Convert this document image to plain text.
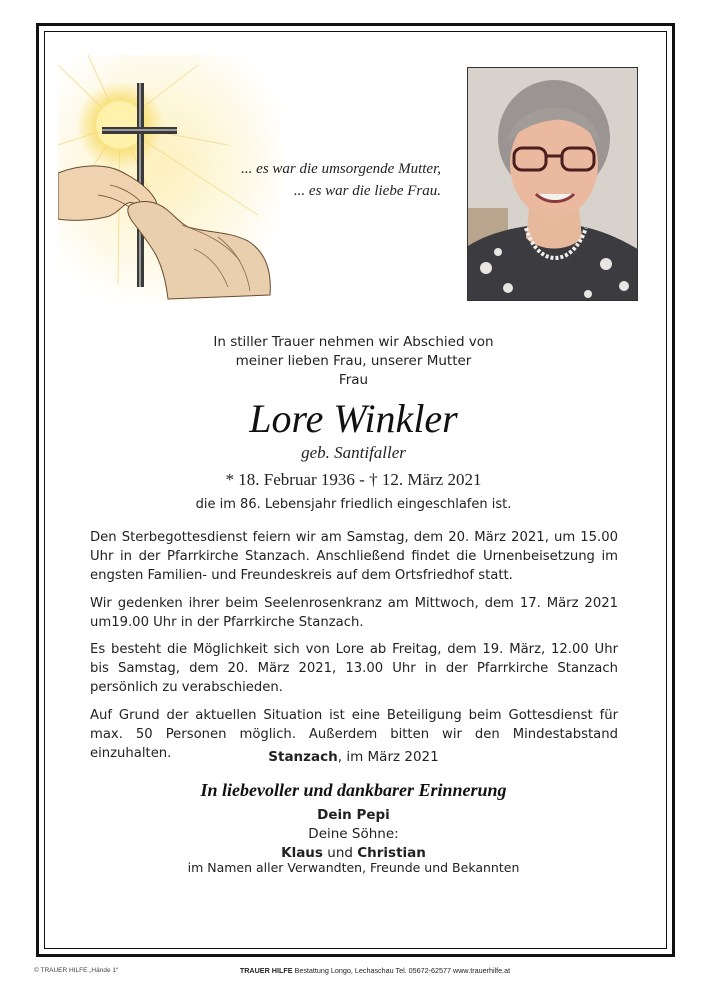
... es war die umsorgende Mutter,
... es war die liebe Frau.
In stiller Trauer nehmen wir Abschied von
meiner lieben Frau, unserer Mutter
Frau
Lore Winkler
geb. Santifaller
* 18. Februar 1936 - † 12. März 2021
die im 86. Lebensjahr friedlich eingeschlafen ist.

Den Sterbegottesdienst feiern wir am Samstag, dem 20. März 2021, um 15.00 Uhr in der Pfarrkirche Stanzach. Anschließend findet die Urnenbeisetzung im engsten Familien- und Freundeskreis auf dem Ortsfriedhof statt.

Wir gedenken ihrer beim Seelenrosenkranz am Mittwoch, dem 17. März 2021 um19.00 Uhr in der Pfarrkirche Stanzach.

Es besteht die Möglichkeit sich von Lore ab Freitag, dem 19. März, 12.00 Uhr bis Samstag, dem 20. März 2021, 13.00 Uhr in der Pfarrkirche Stanzach persönlich zu verabschieden.

Auf Grund der aktuellen Situation ist eine Beteiligung beim Gottesdienst für max. 50 Personen möglich. Außerdem bitten wir den Mindestabstand einzuhalten.	Stanzach, im März 2021
In liebevoller und dankbarer Erinnerung
Dein Pepi
Deine Söhne:
Klaus und Christian
im Namen aller Verwandten, Freunde und Bekannten
© TRAUER HILFE „Hände 1“	TRAUER HILFE Bestattung Longo, Lechaschau Tel. 05672-62577 www.trauerhilfe.at
